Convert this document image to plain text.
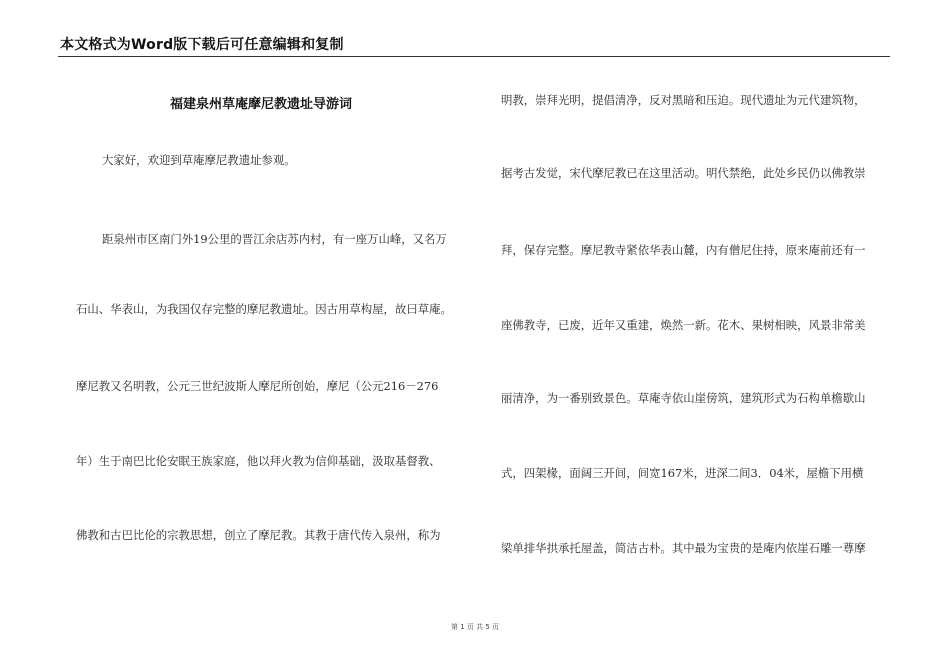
本文格式为Word版下载后可任意编辑和复制
福建泉州草庵摩尼教遗址导游词
大家好，欢迎到草庵摩尼教遗址参观。
距泉州市区南门外19公里的晋江余店苏内村，有一座万山峰，又名万
石山、华表山，为我国仅存完整的摩尼教遗址。因古用草构屋，故曰草庵。
摩尼教又名明教，公元三世纪波斯人摩尼所创始，摩尼（公元216－276
年）生于南巴比伦安眠王族家庭，他以拜火教为信仰基础，汲取基督教、
佛教和古巴比伦的宗教思想，创立了摩尼教。其教于唐代传入泉州，称为
明教，崇拜光明，提倡清净，反对黑暗和压迫。现代遗址为元代建筑物，
据考古发觉，宋代摩尼教已在这里活动。明代禁绝，此处乡民仍以佛教崇
拜，保存完整。摩尼教寺紧依华表山麓，内有僧尼住持，原来庵前还有一
座佛教寺，已废，近年又重建，焕然一新。花木、果树相映，风景非常美
丽清净，为一番别致景色。草庵寺依山崖傍筑，建筑形式为石构单檐歇山
式，四架椽，面阔三开间，间宽167米，进深二间3．04米，屋檐下用横
梁单排华拱承托屋盖，简洁古朴。其中最为宝贵的是庵内依崖石雕一尊摩
第 1 页 共 5 页
